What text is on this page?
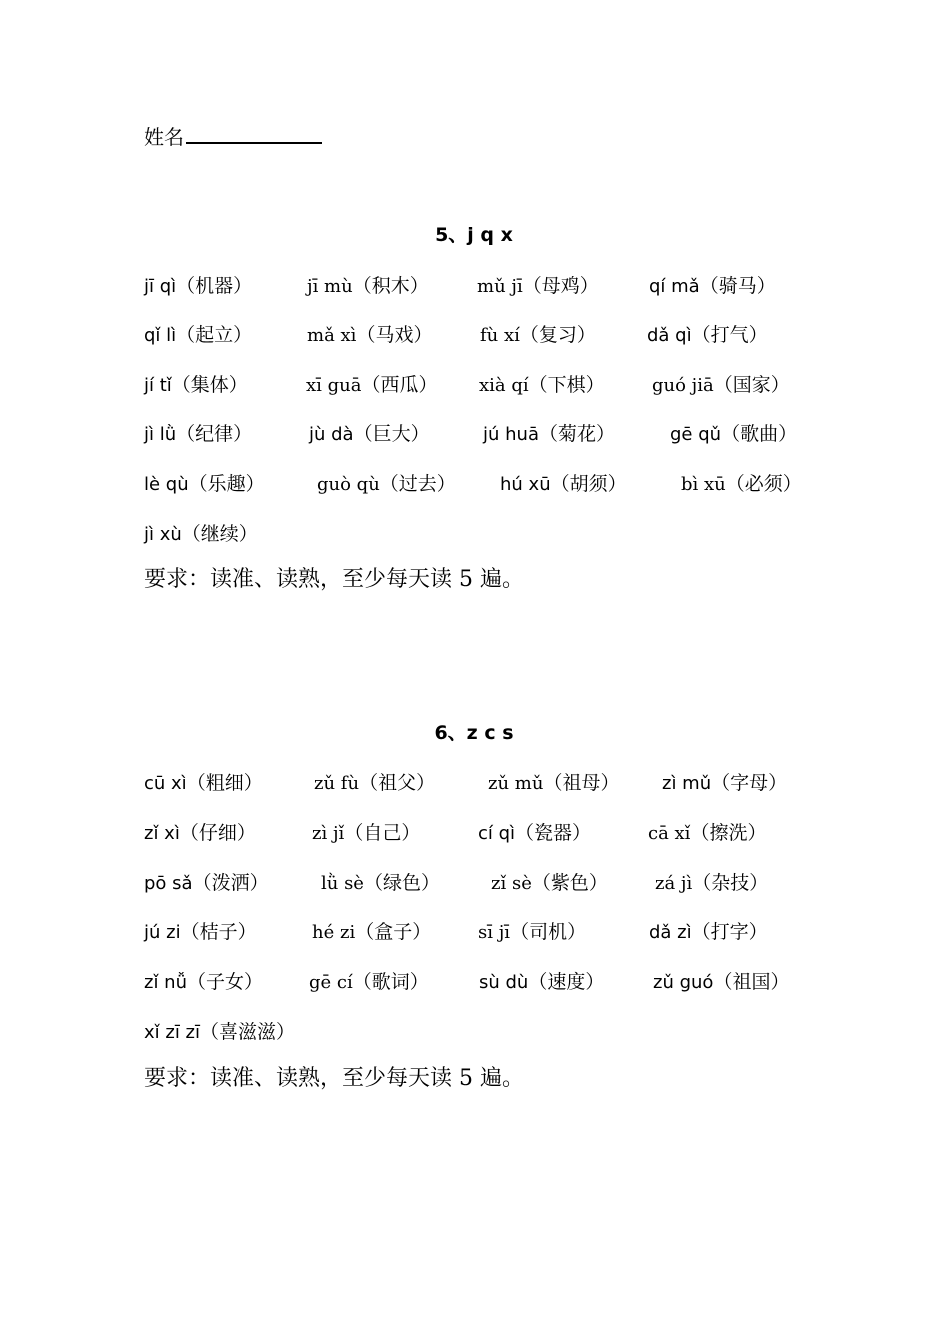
姓名
5、j q x
jī qì（机器）	jī mù（积木）	mǔ jī（母鸡）	qí mǎ（骑马）
qǐ lì（起立）	mǎ xì（马戏）	fù xí（复习）	dǎ qì（打气）
jí tǐ（集体）	xī guā（西瓜） xià qí（下棋）	guó jiā（国家）
jì lǜ（纪律）	jù dà（巨大）	jú huā（菊花）	gē qǔ（歌曲）
lè qù（乐趣）	guò qù（过去） hú xū（胡须）	bì xū（必须）
jì xù（继续）
要求：读准、读熟，至少每天读 5 遍。
6、z c s
cū xì（粗细）	zǔ fù（祖父）	zǔ mǔ（祖母） zì mǔ（字母）
zǐ xì（仔细）	zì jǐ（自己）	cí qì（瓷器）	cā xǐ（擦洗）
pō sǎ（泼洒）	lǜ sè（绿色）	zǐ sè（紫色）	zá jì（杂技）
jú zi（桔子）	hé zi（盒子）	sī jī（司机）	dǎ zì（打字）
zǐ nǚ（子女）	gē cí（歌词）	sù dù（速度）	zǔ guó（祖国）
xǐ zī zī（喜滋滋）
要求：读准、读熟，至少每天读 5 遍。
